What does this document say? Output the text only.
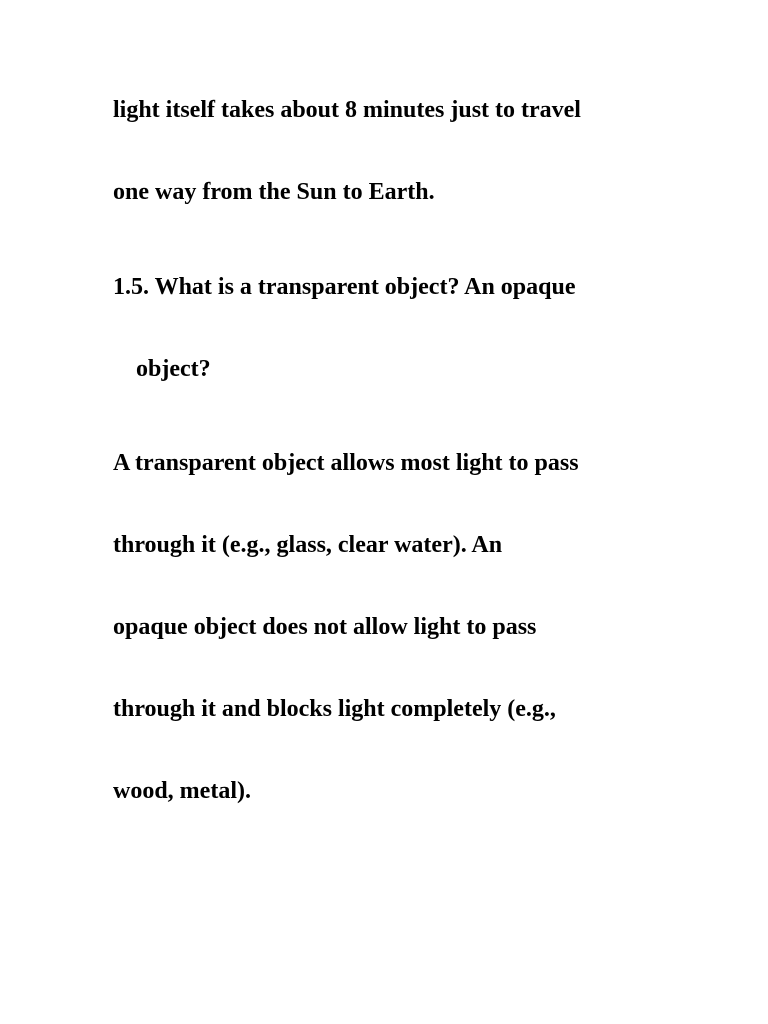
light itself takes about 8 minutes just to travel
one way from the Sun to Earth.
1.5. What is a transparent object? An opaque
object?
A transparent object allows most light to pass
through it (e.g., glass, clear water). An
opaque object does not allow light to pass
through it and blocks light completely (e.g.,
wood, metal).
